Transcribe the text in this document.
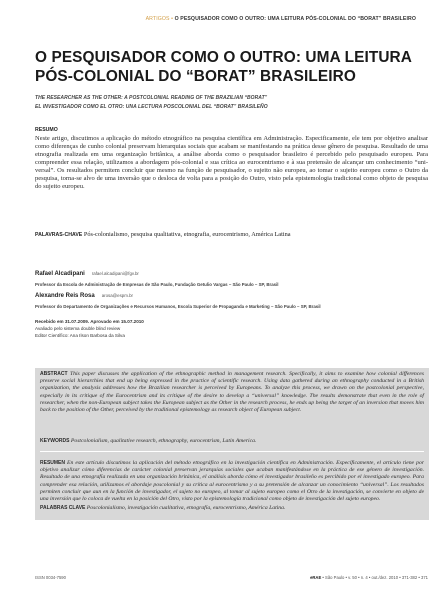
ARTIGOS • O PESQUISADOR COMO O OUTRO: UMA LEITURA PÓS-COLONIAL DO “BORAT” BRASILEIRO
O PESQUISADOR COMO O OUTRO: UMA LEITURA PÓS-COLONIAL DO “BORAT” BRASILEIRO
THE RESEARCHER AS THE OTHER: A POSTCOLONIAL READING OF THE BRAZILIAN “BORAT”
EL INVESTIGADOR COMO EL OTRO: UNA LECTURA POSCOLONIAL DEL “BORAT” BRASILEÑO
RESUMO

Neste artigo, discutimos a aplicação do método etnográfico na pesquisa científica em Administração. Especificamente, ele tem por objetivo analisar como diferenças de cunho colonial preservam hierarquias sociais que acabam se manifestando na prática desse gênero de pesquisa. Resultado de uma etnografia realizada em uma organização britânica, a análise aborda como o pesquisador brasileiro é percebido pelo pesquisado europeu. Para compreender essa relação, utilizamos a abordagem pós-colonial e sua crítica ao eurocentrismo e à sua pretensão de alcançar um conhecimento “uni-versal”. Os resultados permitem concluir que mesmo na função de pesquisador, o sujeito não europeu, ao tomar o sujeito europeu como o Outro da pesquisa, torna-se alvo de uma inversão que o desloca de volta para a posição do Outro, visto pela epistemologia tradicional como objeto de pesquisa do sujeito europeu.

PALAVRAS-CHAVE Pós-colonialismo, pesquisa qualitativa, etnografia, eurocentrismo, América Latina
Rafael Alcadipani rafael.alcadipani@fgv.br
Professor da Escola de Administração de Empresas de São Paulo, Fundação Getulio Vargas – São Paulo – SP, Brasil
Alexandre Reis Rosa arosa@espm.br
Professor do Departamento de Organizações e Recursos Humanos, Escola Superior de Propaganda e Marketing – São Paulo – SP, Brasil
Recebido em 31.07.2009. Aprovado em 15.07.2010
Avaliado pelo sistema double blind review
Editor Científico: Ana Ilson Barbosa da Silva

ABSTRACT This paper discusses the application of the ethnographic method in management research. Specifically, it aims to examine how colonial differences preserve social hierarchies that end up being expressed in the practice of scientific research. Using data gathered during an ethnography conducted in a British organization, the analysis addresses how the Brazilian researcher is perceived by Europeans. To analyze this process, we drawn on the postcolonial perspective, especially in its critique of the Eurocentrism and its critique of the desire to develop a “universal” knowledge. The results demonstrate that even in the role of researcher, when the non-European subject takes the European subject as the Other in the research process, he ends up being the target of an inversion that moves him back to the position of the Other, perceived by the traditional epistemology as research object of European subject.

KEYWORDS Postcolonialism, qualitative research, ethnography, eurocentrism, Latin America.

RESUMEN En este artículo discutimos la aplicación del método etnográfico en la investigación científica en Administración. Específicamente, el artículo tiene por objetivo analizar cómo diferencias de carácter colonial preservan jerarquías sociales que acaban manifestándose en la práctica de ese género de investigación. Resultado de una etnografía realizada en una organización británica, el análisis aborda cómo el investigador brasileño es percibido por el investigado europeo. Para comprender esa relación, utilizamos el abordaje poscolonial y su crítica al eurocentrismo y a su pretensión de alcanzar un conocimiento “universal”. Los resultados permiten concluir que aun en la función de investigador, el sujeto no europeo, al tomar al sujeto europeo como el Otro de la investigación, se convierte en objeto de una inversión que lo coloca de vuelta en la posición del Otro, visto por la epistemología tradicional como objeto de investigación del sujeto europeo.

PALABRAS CLAVE Poscolonialismo, investigación cualitativa, etnografía, eurocentrismo, América Latina.

ISSN 0034-7590	eRAE • São Paulo • v. 50 • n. 4 • out./dez. 2010 • 371-382 • 371
